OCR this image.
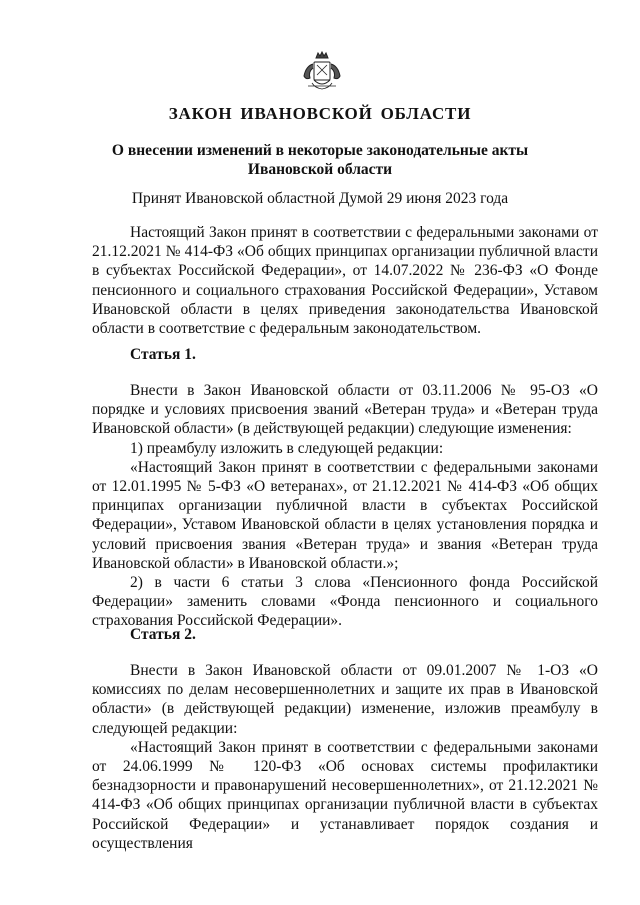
ЗАКОН ИВАНОВСКОЙ ОБЛАСТИ
О внесении изменений в некоторые законодательные акты
Ивановской области
Принят Ивановской областной Думой 29 июня 2023 года

Настоящий Закон принят в соответствии с федеральными законами от 21.12.2021 № 414-ФЗ «Об общих принципах организации публичной власти в субъектах Российской Федерации», от 14.07.2022 № 236-ФЗ «О Фонде пенсионного и социального страхования Российской Федерации», Уставом Ивановской области в целях приведения законодательства Ивановской области в соответствие с федеральным законодательством.

Статья 1.

Внести в Закон Ивановской области от 03.11.2006 № 95-ОЗ «О порядке и условиях присвоения званий «Ветеран труда» и «Ветеран труда Ивановской области» (в действующей редакции) следующие изменения:

1) преамбулу изложить в следующей редакции:

«Настоящий Закон принят в соответствии с федеральными законами от 12.01.1995 № 5-ФЗ «О ветеранах», от 21.12.2021 № 414-ФЗ «Об общих принципах организации публичной власти в субъектах Российской Федерации», Уставом Ивановской области в целях установления порядка и условий присвоения звания «Ветеран труда» и звания «Ветеран труда Ивановской области» в Ивановской области.»;

2) в части 6 статьи 3 слова «Пенсионного фонда Российской Федерации» заменить словами «Фонда пенсионного и социального страхования Российской Федерации».

Статья 2.

Внести в Закон Ивановской области от 09.01.2007 № 1-ОЗ «О комиссиях по делам несовершеннолетних и защите их прав в Ивановской области» (в действующей редакции) изменение, изложив преамбулу в следующей редакции:

«Настоящий Закон принят в соответствии с федеральными законами от 24.06.1999 № 120-ФЗ «Об основах системы профилактики безнадзорности и правонарушений несовершеннолетних», от 21.12.2021 № 414-ФЗ «Об общих принципах организации публичной власти в субъектах Российской Федерации» и устанавливает порядок создания и осуществления
